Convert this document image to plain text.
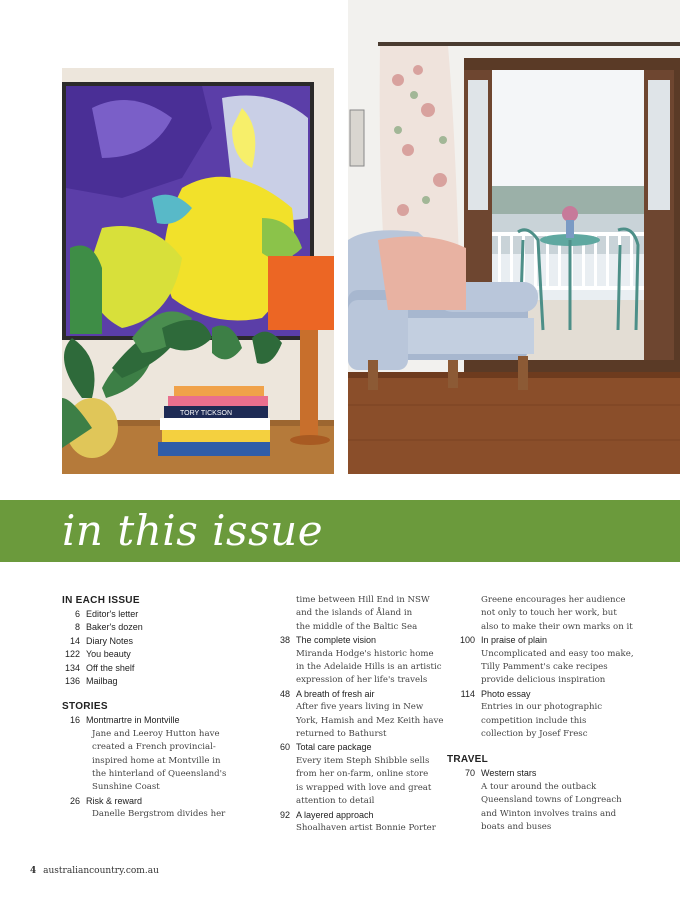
TORY TICKSON
in this issue
IN EACH ISSUE
6 Editor's letter
8 Baker's dozen
14 Diary Notes
122 You beauty
134 Off the shelf
136 Mailbag
STORIES
16 Montmartre in Montville
Jane and Leeroy Hutton have
created a French provincial-
inspired home at Montville in
the hinterland of Queensland's
Sunshine Coast
26 Risk & reward
Danelle Bergstrom divides her
time between Hill End in NSW
and the islands of Åland in
the middle of the Baltic Sea
38 The complete vision
Miranda Hodge's historic home
in the Adelaide Hills is an artistic
expression of her life's travels
48 A breath of fresh air
After five years living in New
York, Hamish and Mez Keith have
returned to Bathurst
60 Total care package
Every item Steph Shibble sells
from her on-farm, online store
is wrapped with love and great
attention to detail
92 A layered approach
Shoalhaven artist Bonnie Porter
Greene encourages her audience
not only to touch her work, but
also to make their own marks on it
100 In praise of plain
Uncomplicated and easy too make,
Tilly Pamment's cake recipes
provide delicious inspiration
114 Photo essay
Entries in our photographic
competition include this
collection by Josef Fresc
TRAVEL
70 Western stars
A tour around the outback
Queensland towns of Longreach
and Winton involves trains and
boats and buses
4 australiancountry.com.au
